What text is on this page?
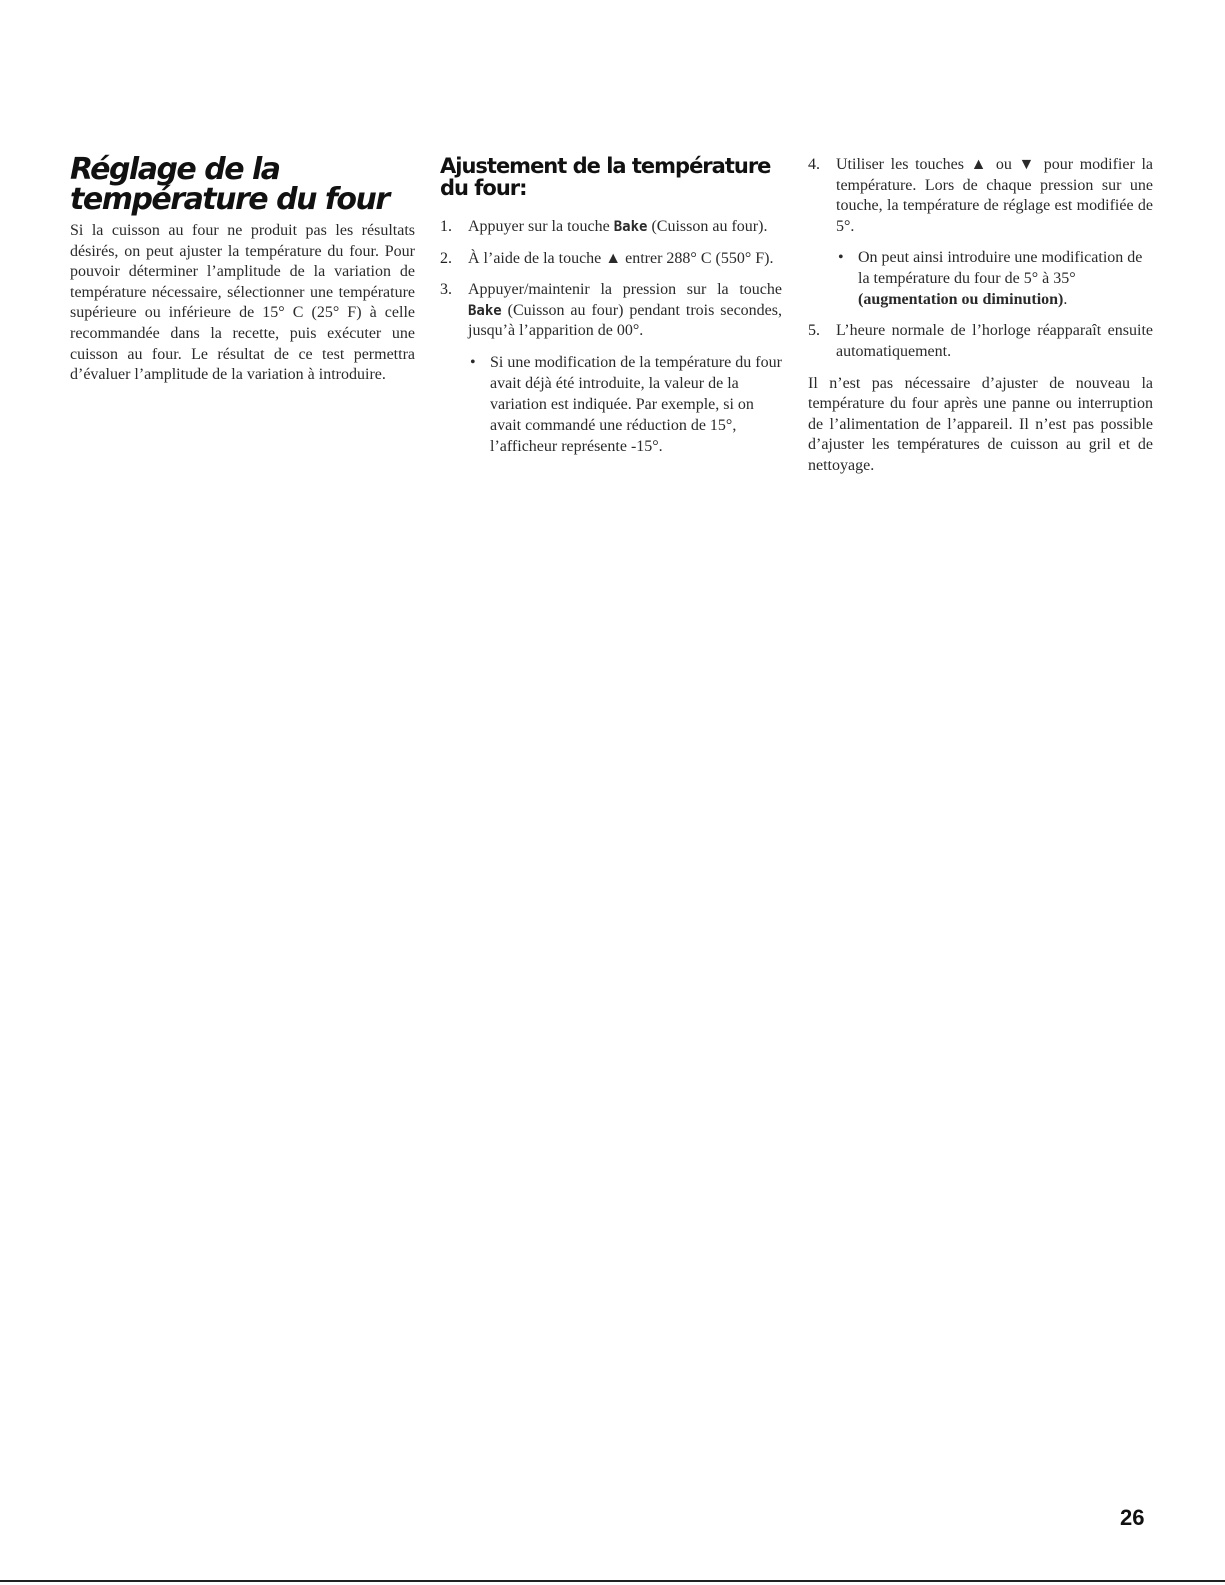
Réglage de la
température du four

Si la cuisson au four ne produit pas les résultats désirés, on peut ajuster la température du four. Pour pouvoir déterminer l’amplitude de la variation de température nécessaire, sélectionner une température supérieure ou inférieure de 15° C (25° F) à celle recommandée dans la recette, puis exécuter une cuisson au four. Le résultat de ce test permettra d’évaluer l’amplitude de la variation à introduire.

Ajustement de la température
du four:
1. Appuyer sur la touche Bake (Cuisson au four).
2. À l’aide de la touche ▲ entrer 288° C (550° F).
3. Appuyer/maintenir la pression sur la touche Bake (Cuisson au four) pendant trois secondes, jusqu’à l’apparition de 00°.
• Si une modification de la température du four avait déjà été introduite, la valeur de la variation est indiquée. Par exemple, si on avait commandé une réduction de 15°, l’afficheur représente -15°.
4. Utiliser les touches ▲ ou ▼ pour modifier la température. Lors de chaque pression sur une touche, la température de réglage est modifiée de 5°.
• On peut ainsi introduire une modification de la température du four de 5° à 35° (augmentation ou diminution).
5. L’heure normale de l’horloge réapparaît ensuite automatiquement.

Il n’est pas nécessaire d’ajuster de nouveau la température du four après une panne ou interruption de l’alimentation de l’appareil. Il n’est pas possible d’ajuster les températures de cuisson au gril et de nettoyage.

26
